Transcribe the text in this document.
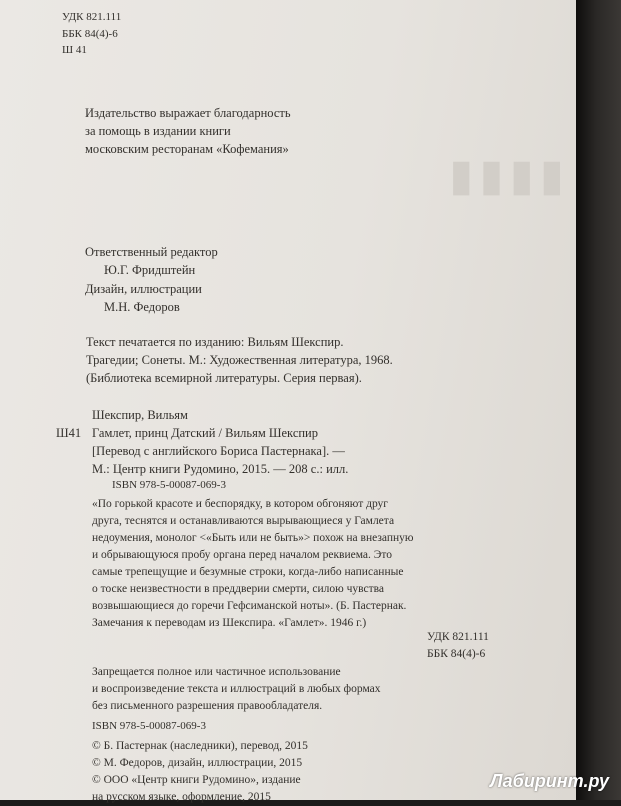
▮▮▮▮
УДК 821.111
ББК 84(4)-6
Ш 41
Издательство выражает благодарность
за помощь в издании книги
московским ресторанам «Кофемания»
Ответственный редактор
Ю.Г. Фридштейн
Дизайн, иллюстрации
М.Н. Федоров
Текст печатается по изданию: Вильям Шекспир.
Трагедии; Сонеты. М.: Художественная литература, 1968.
(Библиотека всемирной литературы. Серия первая).
Шекспир, Вильям
Ш41 Гамлет, принц Датский / Вильям Шекспир
[Перевод с английского Бориса Пастернака]. —
М.: Центр книги Рудомино, 2015. — 208 с.: илл.
ISBN 978-5-00087-069-3
«По горькой красоте и беспорядку, в котором обгоняют друг
друга, теснятся и останавливаются вырывающиеся у Гамлета
недоумения, монолог <«Быть или не быть»> похож на внезапную
и обрывающуюся пробу органа перед началом реквиема. Это
самые трепещущие и безумные строки, когда-либо написанные
о тоске неизвестности в преддверии смерти, силою чувства
возвышающиеся до горечи Гефсиманской ноты». (Б. Пастернак.
Замечания к переводам из Шекспира. «Гамлет». 1946 г.)
УДК 821.111
ББК 84(4)-6
Запрещается полное или частичное использование
и воспроизведение текста и иллюстраций в любых формах
без письменного разрешения правообладателя.
ISBN 978-5-00087-069-3
© Б. Пастернак (наследники), перевод, 2015
© М. Федоров, дизайн, иллюстрации, 2015
© ООО «Центр книги Рудомино», издание
на русском языке, оформление, 2015
Лабиринт.ру
